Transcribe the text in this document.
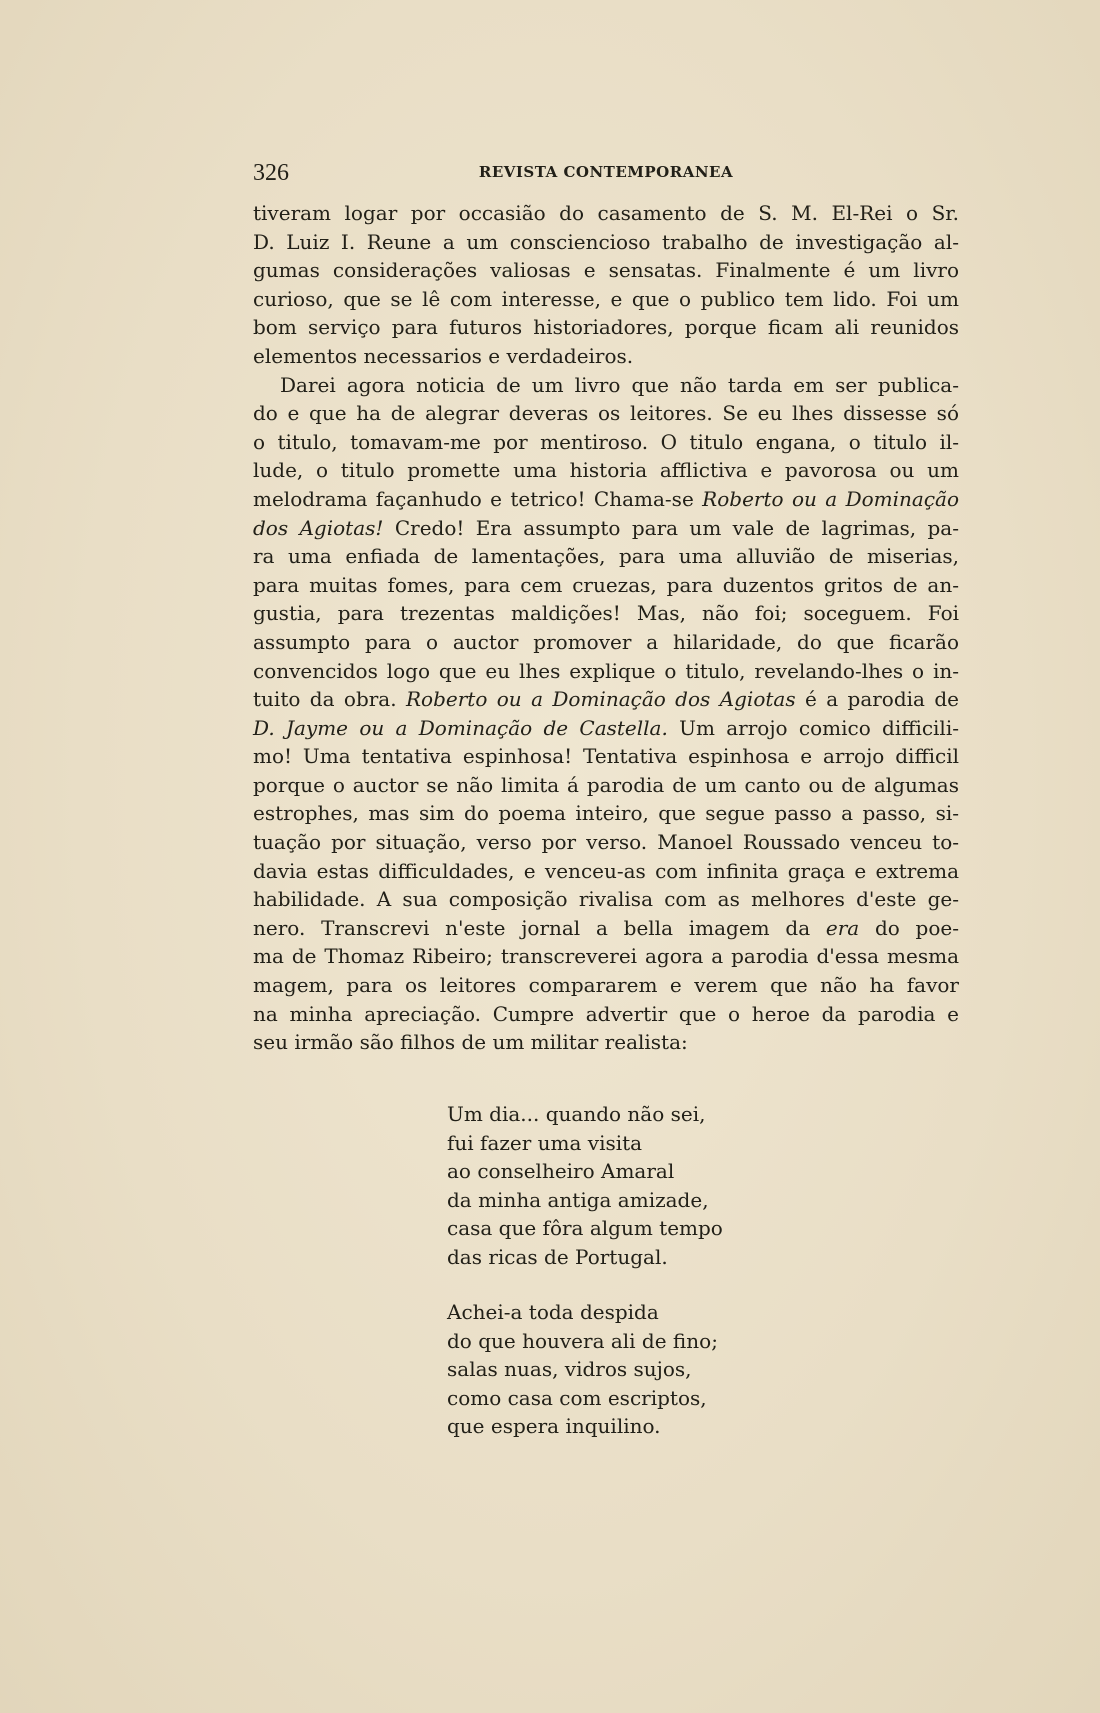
326	REVISTA CONTEMPORANEA
tiveram logar por occasião do casamento de S. M. El-Rei o Sr.
D. Luiz I. Reune a um consciencioso trabalho de investigação al-
gumas considerações valiosas e sensatas. Finalmente é um livro
curioso, que se lê com interesse, e que o publico tem lido. Foi um
bom serviço para futuros historiadores, porque ficam ali reunidos
elementos necessarios e verdadeiros.
Darei agora noticia de um livro que não tarda em ser publica-
do e que ha de alegrar deveras os leitores. Se eu lhes dissesse só
o titulo, tomavam-me por mentiroso. O titulo engana, o titulo il-
lude, o titulo promette uma historia afflictiva e pavorosa ou um
melodrama façanhudo e tetrico! Chama-se Roberto ou a Dominação
dos Agiotas! Credo! Era assumpto para um vale de lagrimas, pa-
ra uma enfiada de lamentações, para uma alluvião de miserias,
para muitas fomes, para cem cruezas, para duzentos gritos de an-
gustia, para trezentas maldições! Mas, não foi; soceguem. Foi
assumpto para o auctor promover a hilaridade, do que ficarão
convencidos logo que eu lhes explique o titulo, revelando-lhes o in-
tuito da obra. Roberto ou a Dominação dos Agiotas é a parodia de
D. Jayme ou a Dominação de Castella. Um arrojo comico difficili-
mo! Uma tentativa espinhosa! Tentativa espinhosa e arrojo difficil
porque o auctor se não limita á parodia de um canto ou de algumas
estrophes, mas sim do poema inteiro, que segue passo a passo, si-
tuação por situação, verso por verso. Manoel Roussado venceu to-
davia estas difficuldades, e venceu-as com infinita graça e extrema
habilidade. A sua composição rivalisa com as melhores d'este ge-
nero. Transcrevi n'este jornal a bella imagem da era do poe-
ma de Thomaz Ribeiro; transcreverei agora a parodia d'essa mesma
magem, para os leitores compararem e verem que não ha favor
na minha apreciação. Cumpre advertir que o heroe da parodia e
seu irmão são filhos de um militar realista:
Um dia... quando não sei,
fui fazer uma visita
ao conselheiro Amaral
da minha antiga amizade,
casa que fôra algum tempo
das ricas de Portugal.
Achei-a toda despida
do que houvera ali de fino;
salas nuas, vidros sujos,
como casa com escriptos,
que espera inquilino.
